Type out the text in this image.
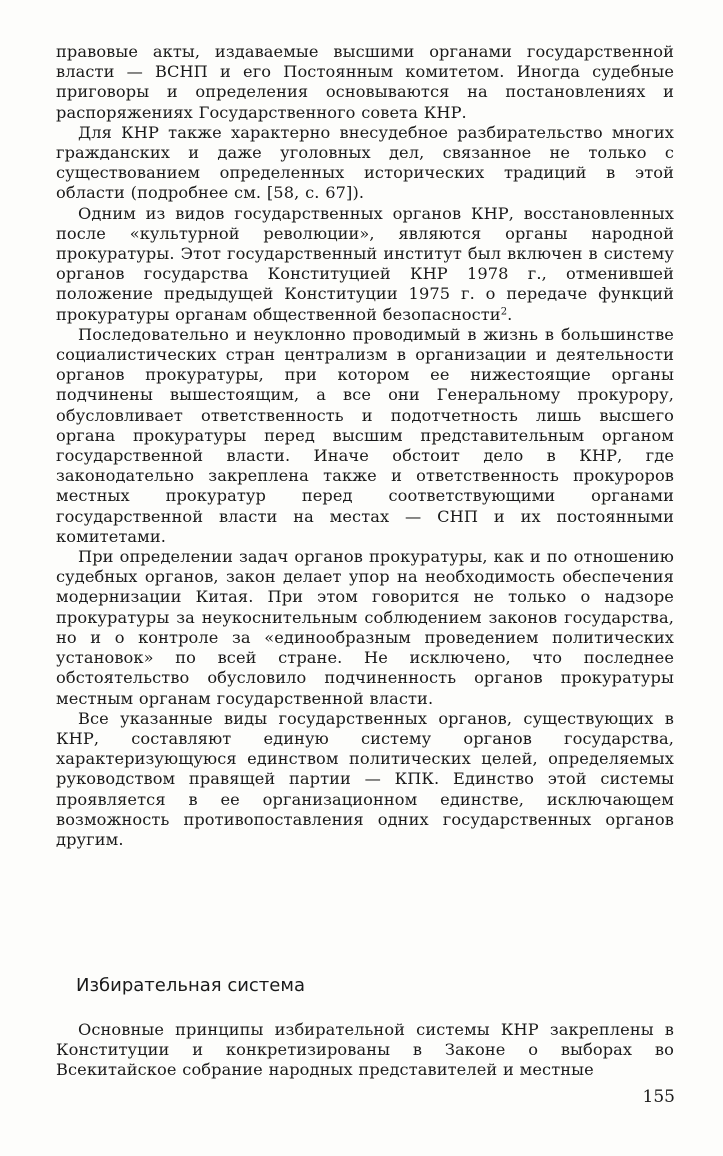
правовые акты, издаваемые высшими органами государственной власти — ВСНП и его Постоянным комитетом. Иногда судебные приговоры и определения основываются на постановлениях и распоряжениях Государственного совета КНР.

Для КНР также характерно внесудебное разбирательство многих гражданских и даже уголовных дел, связанное не только с существованием определенных исторических традиций в этой области (подробнее см. [58, с. 67]).

Одним из видов государственных органов КНР, восстановленных после «культурной революции», являются органы народной прокуратуры. Этот государственный институт был включен в систему органов государства Конституцией КНР 1978 г., отменившей положение предыдущей Конституции 1975 г. о передаче функций прокуратуры органам общественной безопасности$^2$.

Последовательно и неуклонно проводимый в жизнь в большинстве социалистических стран централизм в организации и деятельности органов прокуратуры, при котором ее нижестоящие органы подчинены вышестоящим, а все они Генеральному прокурору, обусловливает ответственность и подотчетность лишь высшего органа прокуратуры перед высшим представительным органом государственной власти. Иначе обстоит дело в КНР, где законодательно закреплена также и ответственность прокуроров местных прокуратур перед соответствующими органами государственной власти на местах — СНП и их постоянными комитетами.

При определении задач органов прокуратуры, как и по отношению судебных органов, закон делает упор на необходимость обеспечения модернизации Китая. При этом говорится не только о надзоре прокуратуры за неукоснительным соблюдением законов государства, но и о контроле за «единообразным проведением политических установок» по всей стране. Не исключено, что последнее обстоятельство обусловило подчиненность органов прокуратуры местным органам государственной власти.

Все указанные виды государственных органов, существующих в КНР, составляют единую систему органов государства, характеризующуюся единством политических целей, определяемых руководством правящей партии — КПК. Единство этой системы проявляется в ее организационном единстве, исключающем возможность противопоставления одних государственных органов другим.

Избирательная система

Основные принципы избирательной системы КНР закреплены в Конституции и конкретизированы в Законе о выборах во Всекитайское собрание народных представителей и местные

155
